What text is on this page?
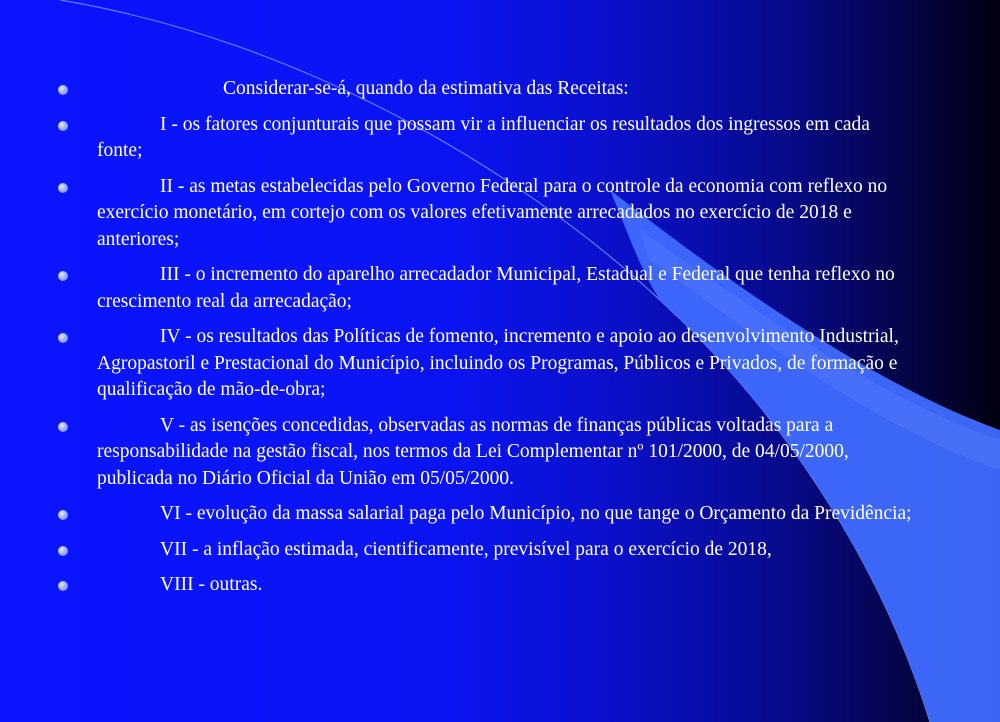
Considerar-se-á, quando da estimativa das Receitas:
I - os fatores conjunturais que possam vir a influenciar os resultados dos ingressos em cada fonte;
II - as metas estabelecidas pelo Governo Federal para o controle da economia com reflexo no exercício monetário, em cortejo com os valores efetivamente arrecadados no exercício de 2018 e anteriores;
III - o incremento do aparelho arrecadador Municipal, Estadual e Federal que tenha reflexo no crescimento real da arrecadação;
IV - os resultados das Políticas de fomento, incremento e apoio ao desenvolvimento Industrial, Agropastoril e Prestacional do Município, incluindo os Programas, Públicos e Privados, de formação e qualificação de mão-de-obra;
V - as isenções concedidas, observadas as normas de finanças públicas voltadas para a responsabilidade na gestão fiscal, nos termos da Lei Complementar nº 101/2000, de 04/05/2000, publicada no Diário Oficial da União em 05/05/2000.
VI - evolução da massa salarial paga pelo Município, no que tange o Orçamento da Previdência;
VII - a inflação estimada, cientificamente, previsível para o exercício de 2018,
VIII - outras.
